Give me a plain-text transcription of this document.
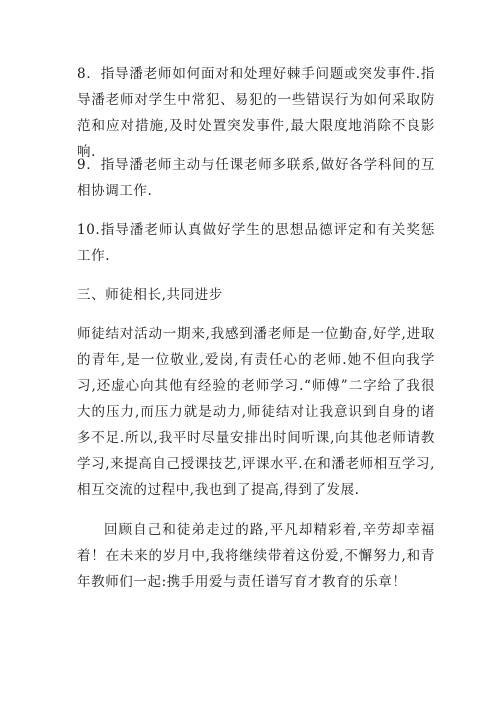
8．指导潘老师如何面对和处理好棘手问题或突发事件.指导潘老师对学生中常犯、易犯的一些错误行为如何采取防范和应对措施,及时处置突发事件,最大限度地消除不良影响.

9．指导潘老师主动与任课老师多联系,做好各学科间的互相协调工作.

10.指导潘老师认真做好学生的思想品德评定和有关奖惩工作.

三、师徒相长,共同进步

师徒结对活动一期来,我感到潘老师是一位勤奋,好学,进取的青年,是一位敬业,爱岗,有责任心的老师.她不但向我学习,还虚心向其他有经验的老师学习.“师傅”二字给了我很大的压力,而压力就是动力,师徒结对让我意识到自身的诸多不足.所以,我平时尽量安排出时间听课,向其他老师请教学习,来提高自己授课技艺,评课水平.在和潘老师相互学习,相互交流的过程中,我也到了提高,得到了发展.

回顾自己和徒弟走过的路,平凡却精彩着,辛劳却幸福着！在未来的岁月中,我将继续带着这份爱,不懈努力,和青年教师们一起:携手用爱与责任谱写育才教育的乐章！
